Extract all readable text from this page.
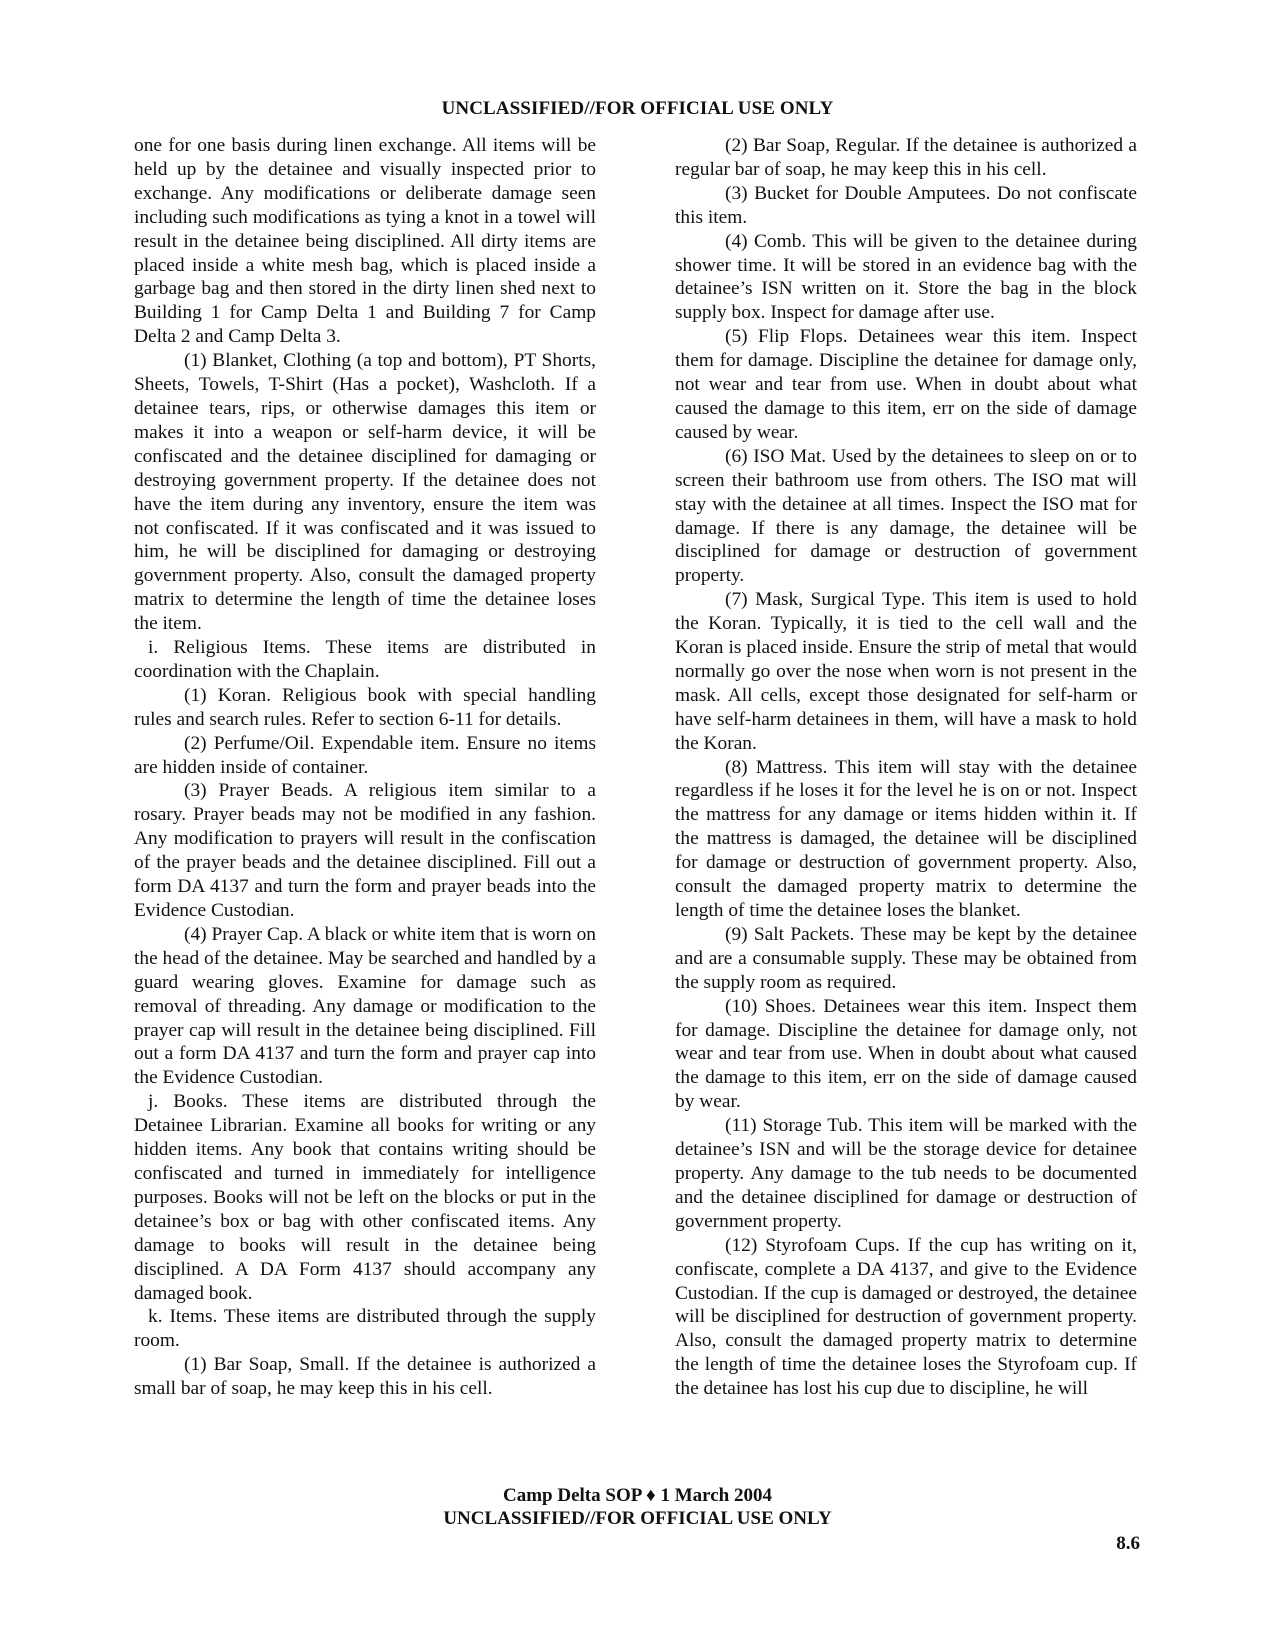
UNCLASSIFIED//FOR OFFICIAL USE ONLY

one for one basis during linen exchange. All items will be held up by the detainee and visually inspected prior to exchange. Any modifications or deliberate damage seen including such modifications as tying a knot in a towel will result in the detainee being disciplined. All dirty items are placed inside a white mesh bag, which is placed inside a garbage bag and then stored in the dirty linen shed next to Building 1 for Camp Delta 1 and Building 7 for Camp Delta 2 and Camp Delta 3.

(1) Blanket, Clothing (a top and bottom), PT Shorts, Sheets, Towels, T-Shirt (Has a pocket), Washcloth. If a detainee tears, rips, or otherwise damages this item or makes it into a weapon or self-harm device, it will be confiscated and the detainee disciplined for damaging or destroying government property. If the detainee does not have the item during any inventory, ensure the item was not confiscated. If it was confiscated and it was issued to him, he will be disciplined for damaging or destroying government property. Also, consult the damaged property matrix to determine the length of time the detainee loses the item.

i. Religious Items. These items are distributed in coordination with the Chaplain.

(1) Koran. Religious book with special handling rules and search rules. Refer to section 6-11 for details.

(2) Perfume/Oil. Expendable item. Ensure no items are hidden inside of container.

(3) Prayer Beads. A religious item similar to a rosary. Prayer beads may not be modified in any fashion. Any modification to prayers will result in the confiscation of the prayer beads and the detainee disciplined. Fill out a form DA 4137 and turn the form and prayer beads into the Evidence Custodian.

(4) Prayer Cap. A black or white item that is worn on the head of the detainee. May be searched and handled by a guard wearing gloves. Examine for damage such as removal of threading. Any damage or modification to the prayer cap will result in the detainee being disciplined. Fill out a form DA 4137 and turn the form and prayer cap into the Evidence Custodian.

j. Books. These items are distributed through the Detainee Librarian. Examine all books for writing or any hidden items. Any book that contains writing should be confiscated and turned in immediately for intelligence purposes. Books will not be left on the blocks or put in the detainee’s box or bag with other confiscated items. Any damage to books will result in the detainee being disciplined. A DA Form 4137 should accompany any damaged book.

k. Items. These items are distributed through the supply room.

(1) Bar Soap, Small. If the detainee is authorized a small bar of soap, he may keep this in his cell.

(2) Bar Soap, Regular. If the detainee is authorized a regular bar of soap, he may keep this in his cell.

(3) Bucket for Double Amputees. Do not confiscate this item.

(4) Comb. This will be given to the detainee during shower time. It will be stored in an evidence bag with the detainee’s ISN written on it. Store the bag in the block supply box. Inspect for damage after use.

(5) Flip Flops. Detainees wear this item. Inspect them for damage. Discipline the detainee for damage only, not wear and tear from use. When in doubt about what caused the damage to this item, err on the side of damage caused by wear.

(6) ISO Mat. Used by the detainees to sleep on or to screen their bathroom use from others. The ISO mat will stay with the detainee at all times. Inspect the ISO mat for damage. If there is any damage, the detainee will be disciplined for damage or destruction of government property.

(7) Mask, Surgical Type. This item is used to hold the Koran. Typically, it is tied to the cell wall and the Koran is placed inside. Ensure the strip of metal that would normally go over the nose when worn is not present in the mask. All cells, except those designated for self-harm or have self-harm detainees in them, will have a mask to hold the Koran.

(8) Mattress. This item will stay with the detainee regardless if he loses it for the level he is on or not. Inspect the mattress for any damage or items hidden within it. If the mattress is damaged, the detainee will be disciplined for damage or destruction of government property. Also, consult the damaged property matrix to determine the length of time the detainee loses the blanket.

(9) Salt Packets. These may be kept by the detainee and are a consumable supply. These may be obtained from the supply room as required.

(10) Shoes. Detainees wear this item. Inspect them for damage. Discipline the detainee for damage only, not wear and tear from use. When in doubt about what caused the damage to this item, err on the side of damage caused by wear.

(11) Storage Tub. This item will be marked with the detainee’s ISN and will be the storage device for detainee property. Any damage to the tub needs to be documented and the detainee disciplined for damage or destruction of government property.

(12) Styrofoam Cups. If the cup has writing on it, confiscate, complete a DA 4137, and give to the Evidence Custodian. If the cup is damaged or destroyed, the detainee will be disciplined for destruction of government property. Also, consult the damaged property matrix to determine the length of time the detainee loses the Styrofoam cup. If the detainee has lost his cup due to discipline, he will

Camp Delta SOP ♦ 1 March 2004
UNCLASSIFIED//FOR OFFICIAL USE ONLY
8.6
